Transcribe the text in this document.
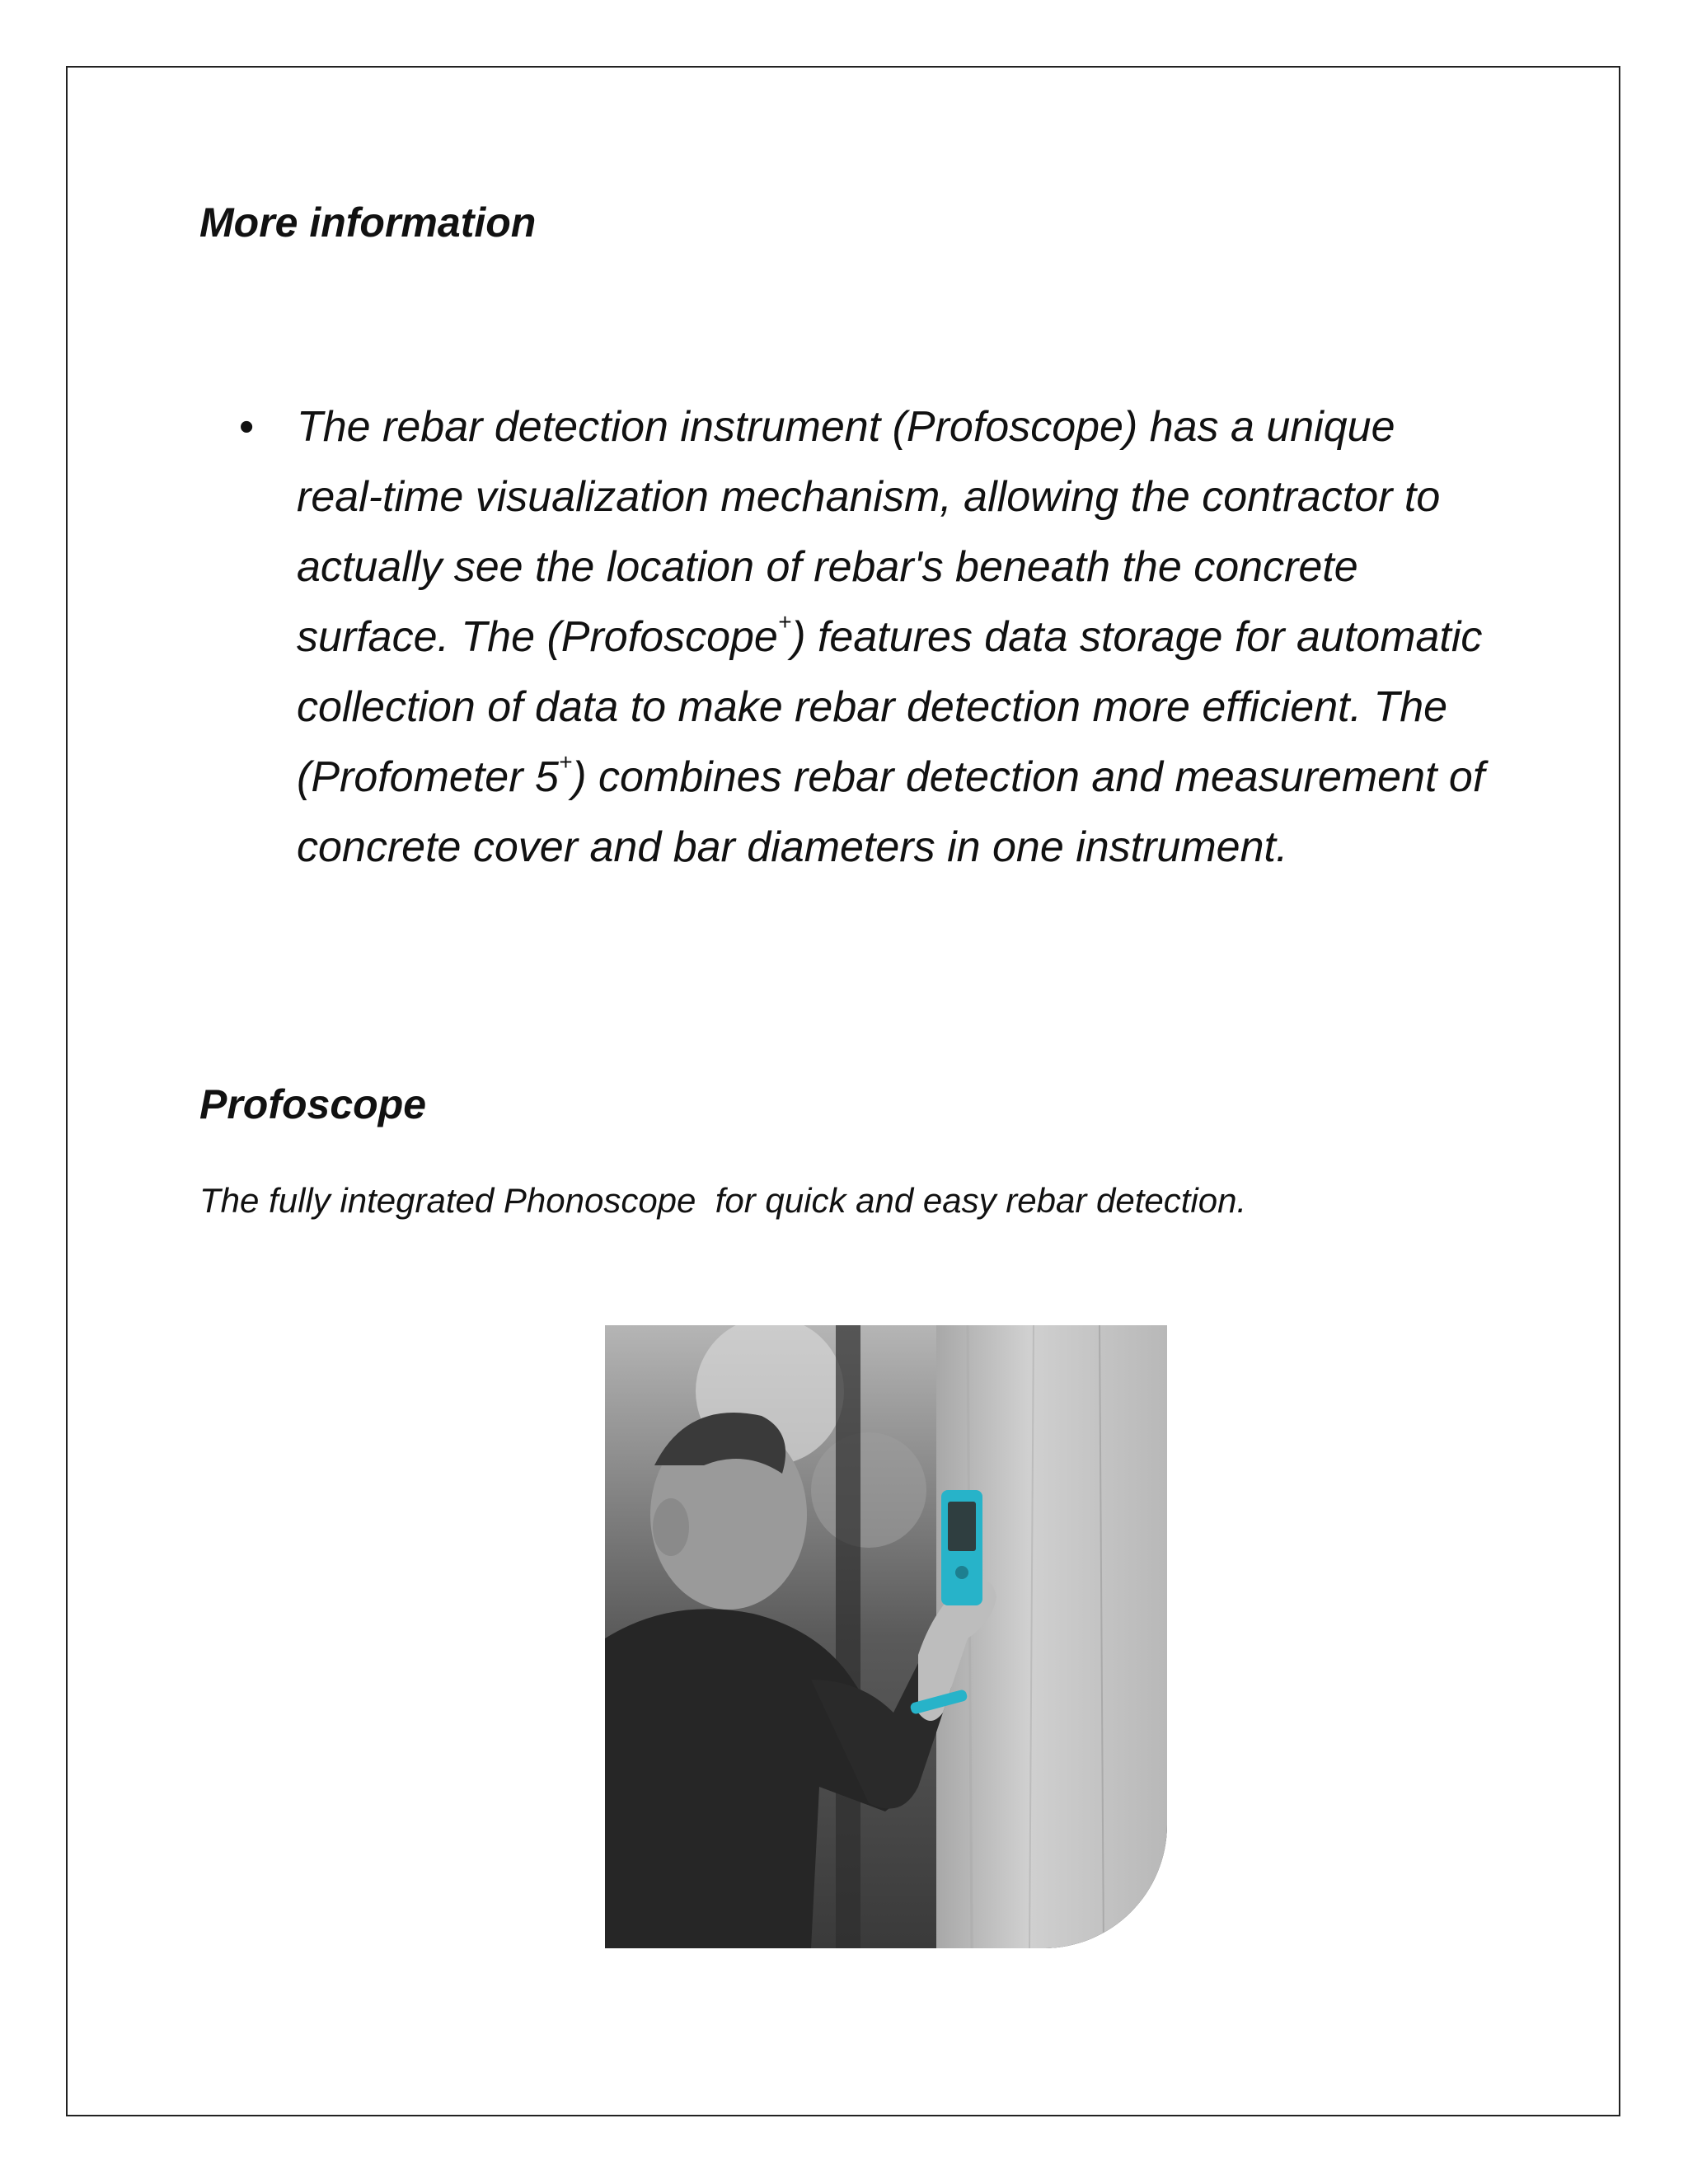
More information
• The rebar detection instrument (Profoscope) has a unique real-time visualization mechanism, allowing the contractor to actually see the location of rebar's beneath the concrete surface. The (Profoscope+) features data storage for automatic collection of data to make rebar detection more efficient. The (Profometer 5+) combines rebar detection and measurement of concrete cover and bar diameters in one instrument.

Profoscope

The fully integrated Phonoscope  for quick and easy rebar detection.
